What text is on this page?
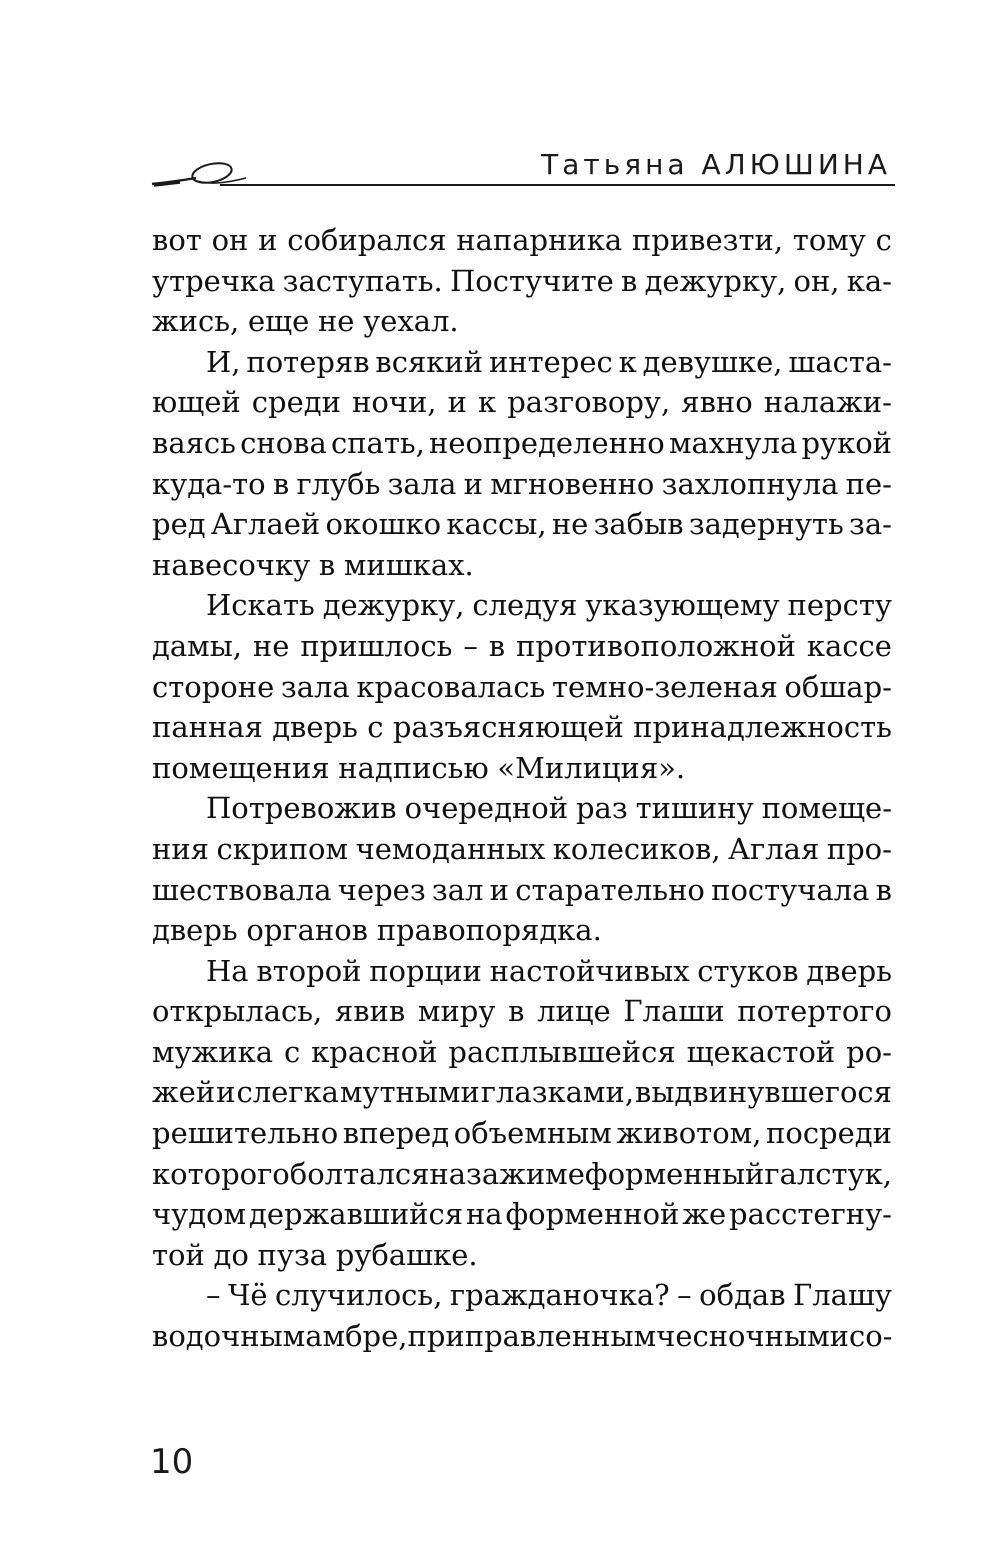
Татьяна АЛЮШИНА
вот он и собирался напарника привезти, тому с
утречка заступать. Постучите в дежурку, он, ка-
жись, еще не уехал.
И, потеряв всякий интерес к девушке, шаста-
ющей среди ночи, и к разговору, явно налажи-
ваясь снова спать, неопределенно махнула рукой
куда-то в глубь зала и мгновенно захлопнула пе-
ред Аглаей окошко кассы, не забыв задернуть за-
навесочку в мишках.
Искать дежурку, следуя указующему персту
дамы, не пришлось – в противоположной кассе
стороне зала красовалась темно-зеленая обшар-
панная дверь с разъясняющей принадлежность
помещения надписью «Милиция».
Потревожив очередной раз тишину помеще-
ния скрипом чемоданных колесиков, Аглая про-
шествовала через зал и старательно постучала в
дверь органов правопорядка.
На второй порции настойчивых стуков дверь
открылась, явив миру в лице Глаши потертого
мужика с красной расплывшейся щекастой ро-
жей и слегка мутными глазками, выдвинувшегося
решительно вперед объемным животом, посреди
которого болтался на зажиме форменный галстук,
чудом державшийся на форменной же расстегну-
той до пуза рубашке.
– Чё случилось, гражданочка? – обдав Глашу
водочным амбре, приправленным чесночными со-
10
